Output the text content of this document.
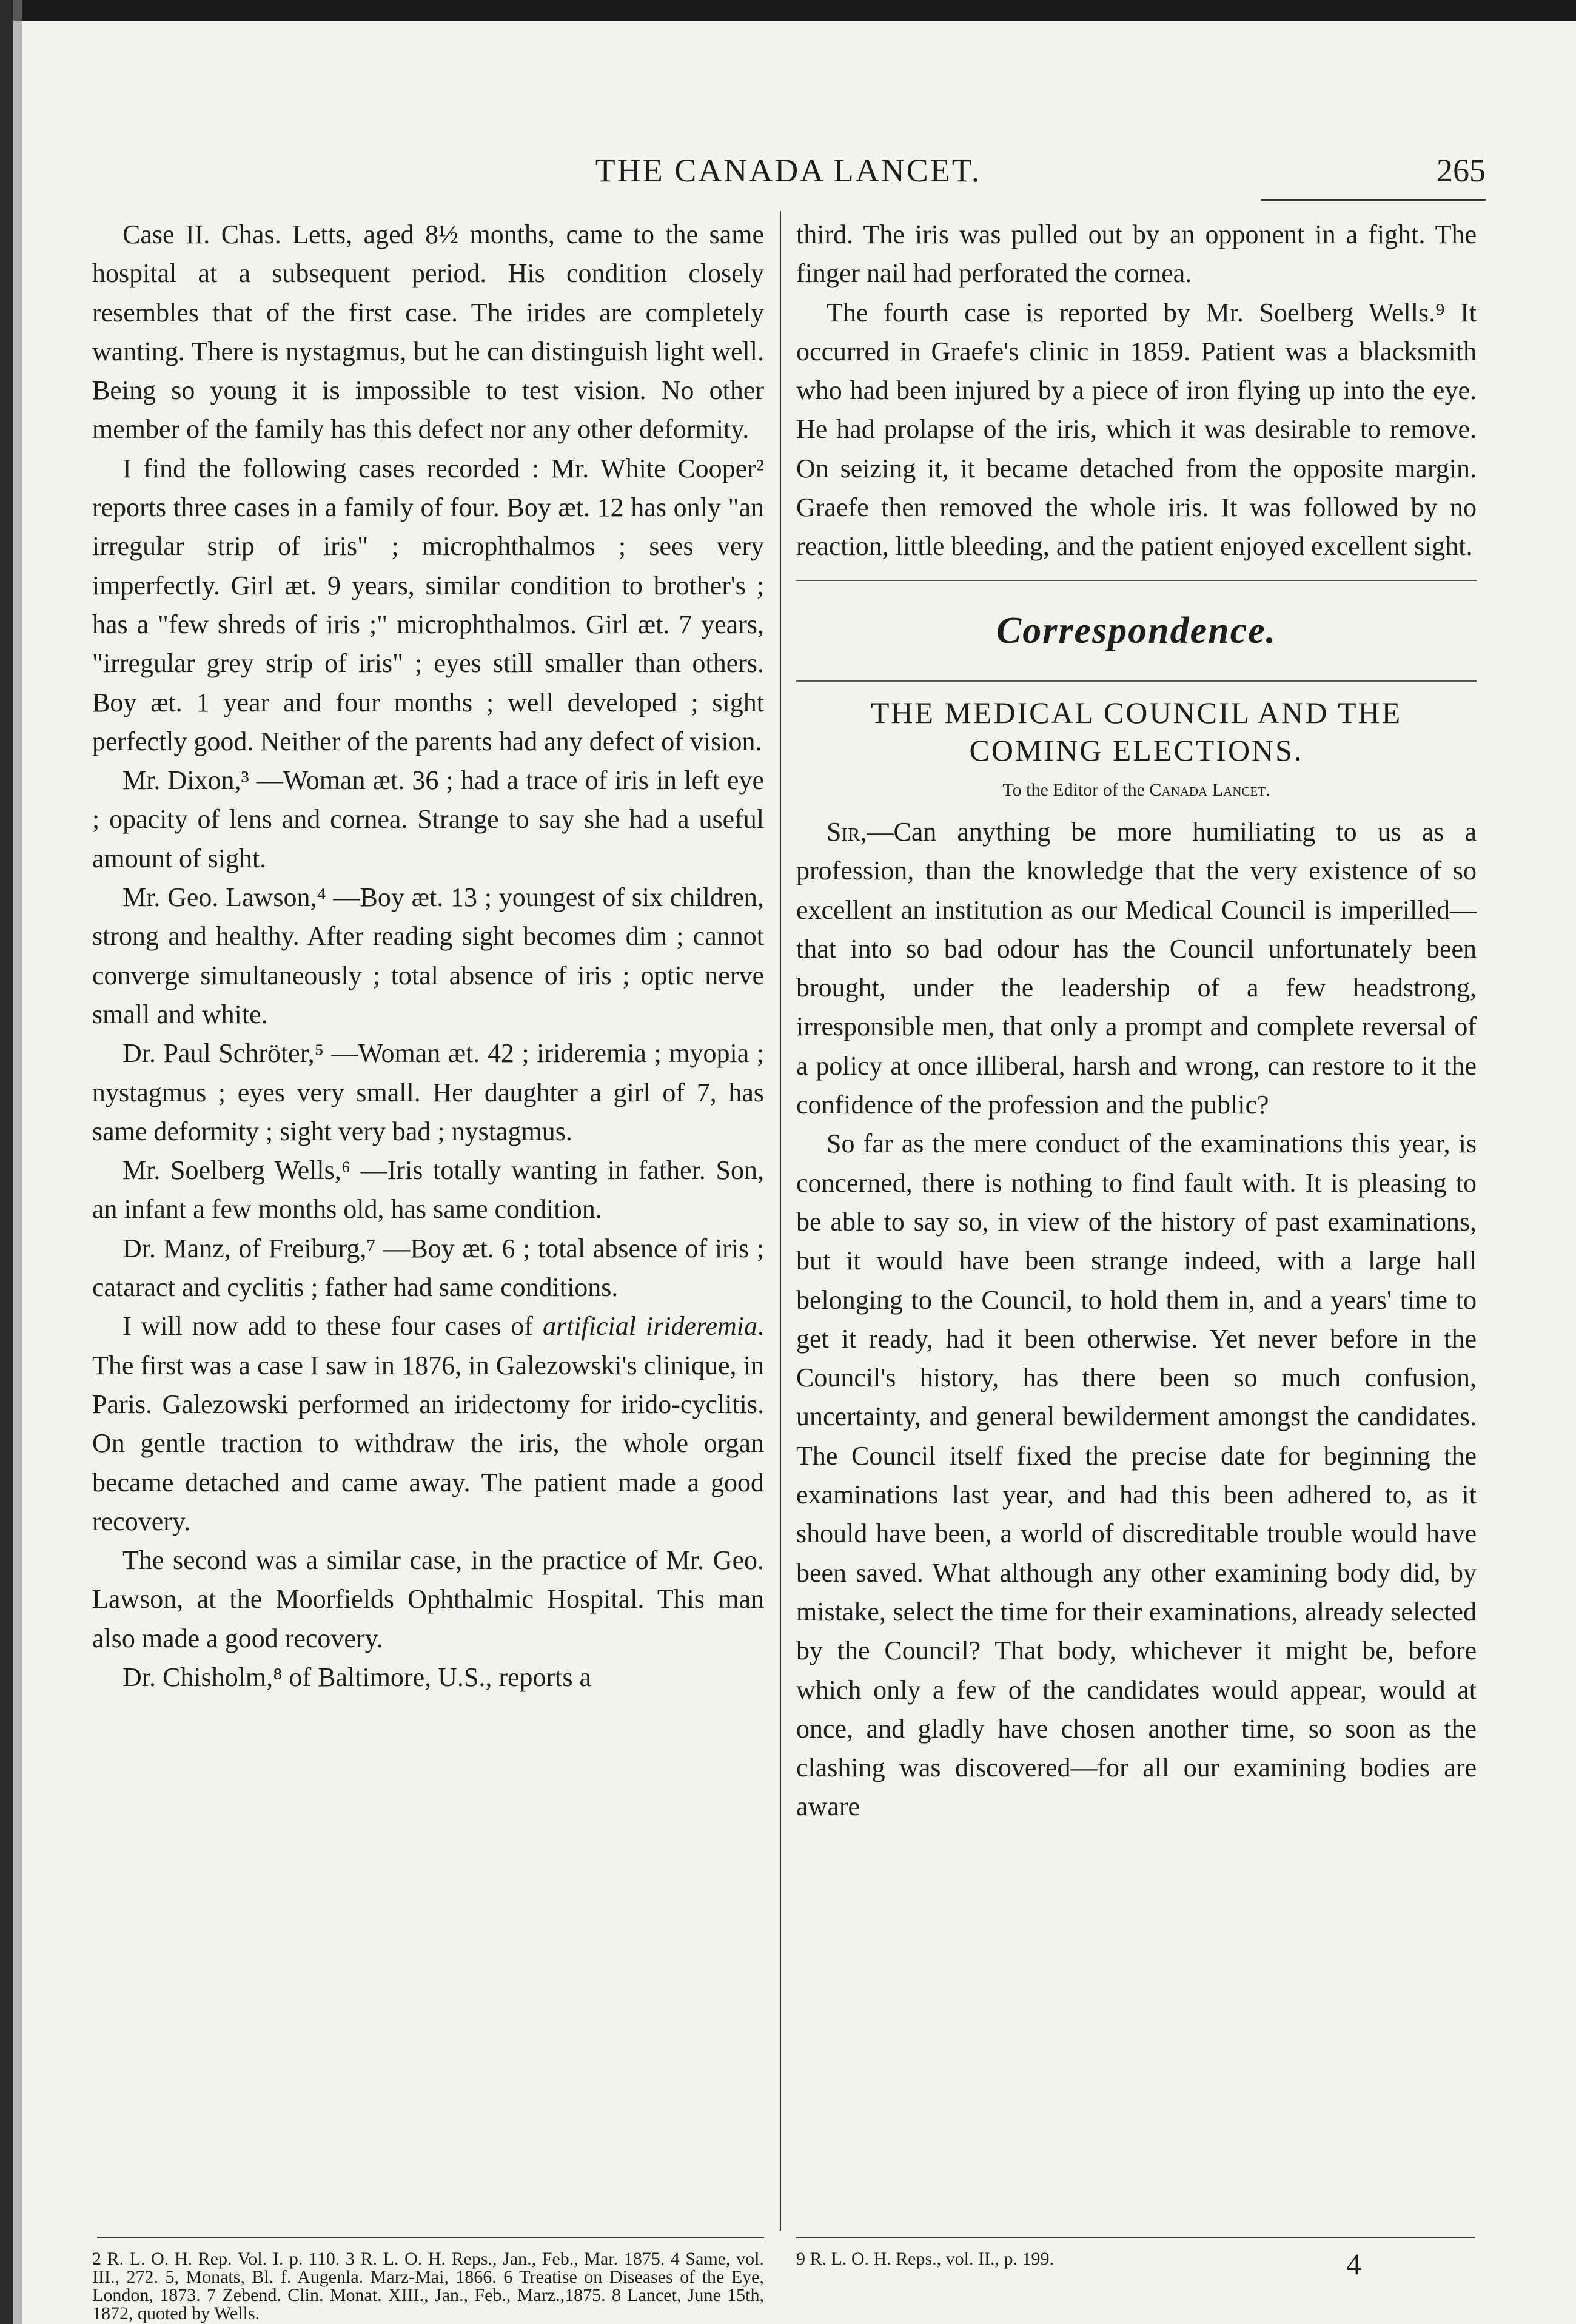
THE CANADA LANCET.	265

Case II. Chas. Letts, aged 8½ months, came to the same hospital at a subsequent period. His condition closely resembles that of the first case. The irides are completely wanting. There is nystagmus, but he can distinguish light well. Being so young it is impossible to test vision. No other member of the family has this defect nor any other deformity.

I find the following cases recorded : Mr. White Cooper² reports three cases in a family of four. Boy æt. 12 has only "an irregular strip of iris" ; microphthalmos ; sees very imperfectly. Girl æt. 9 years, similar condition to brother's ; has a "few shreds of iris ;" microphthalmos. Girl æt. 7 years, "irregular grey strip of iris" ; eyes still smaller than others. Boy æt. 1 year and four months ; well developed ; sight perfectly good. Neither of the parents had any defect of vision.

Mr. Dixon,³ —Woman æt. 36 ; had a trace of iris in left eye ; opacity of lens and cornea. Strange to say she had a useful amount of sight.

Mr. Geo. Lawson,⁴ —Boy æt. 13 ; youngest of six children, strong and healthy. After reading sight becomes dim ; cannot converge simultaneously ; total absence of iris ; optic nerve small and white.

Dr. Paul Schröter,⁵ —Woman æt. 42 ; irideremia ; myopia ; nystagmus ; eyes very small. Her daughter a girl of 7, has same deformity ; sight very bad ; nystagmus.

Mr. Soelberg Wells,⁶ —Iris totally wanting in father. Son, an infant a few months old, has same condition.

Dr. Manz, of Freiburg,⁷ —Boy æt. 6 ; total absence of iris ; cataract and cyclitis ; father had same conditions.

I will now add to these four cases of artificial irideremia. The first was a case I saw in 1876, in Galezowski's clinique, in Paris. Galezowski performed an iridectomy for irido-cyclitis. On gentle traction to withdraw the iris, the whole organ became detached and came away. The patient made a good recovery.

The second was a similar case, in the practice of Mr. Geo. Lawson, at the Moorfields Ophthalmic Hospital. This man also made a good recovery.

Dr. Chisholm,⁸ of Baltimore, U.S., reports a

third. The iris was pulled out by an opponent in a fight. The finger nail had perforated the cornea.

The fourth case is reported by Mr. Soelberg Wells.⁹ It occurred in Graefe's clinic in 1859. Patient was a blacksmith who had been injured by a piece of iron flying up into the eye. He had prolapse of the iris, which it was desirable to remove. On seizing it, it became detached from the opposite margin. Graefe then removed the whole iris. It was followed by no reaction, little bleeding, and the patient enjoyed excellent sight.

Correspondence.
THE MEDICAL COUNCIL AND THE
COMING ELECTIONS.
To the Editor of the Canada Lancet.

Sir,—Can anything be more humiliating to us as a profession, than the knowledge that the very existence of so excellent an institution as our Medical Council is imperilled—that into so bad odour has the Council unfortunately been brought, under the leadership of a few headstrong, irresponsible men, that only a prompt and complete reversal of a policy at once illiberal, harsh and wrong, can restore to it the confidence of the profession and the public?

So far as the mere conduct of the examinations this year, is concerned, there is nothing to find fault with. It is pleasing to be able to say so, in view of the history of past examinations, but it would have been strange indeed, with a large hall belonging to the Council, to hold them in, and a years' time to get it ready, had it been otherwise. Yet never before in the Council's history, has there been so much confusion, uncertainty, and general bewilderment amongst the candidates. The Council itself fixed the precise date for beginning the examinations last year, and had this been adhered to, as it should have been, a world of discreditable trouble would have been saved. What although any other examining body did, by mistake, select the time for their examinations, already selected by the Council? That body, whichever it might be, before which only a few of the candidates would appear, would at once, and gladly have chosen another time, so soon as the clashing was discovered—for all our examining bodies are aware

2 R. L. O. H. Rep. Vol. I. p. 110. 3 R. L. O. H. Reps., Jan., Feb., Mar. 1875. 4 Same, vol. III., 272. 5, Monats, Bl. f. Augenla. Marz-Mai, 1866. 6 Treatise on Diseases of the Eye, London, 1873. 7 Zebend. Clin. Monat. XIII., Jan., Feb., Marz.,1875. 8 Lancet, June 15th, 1872, quoted by Wells.
9 R. L. O. H. Reps., vol. II., p. 199.	4
